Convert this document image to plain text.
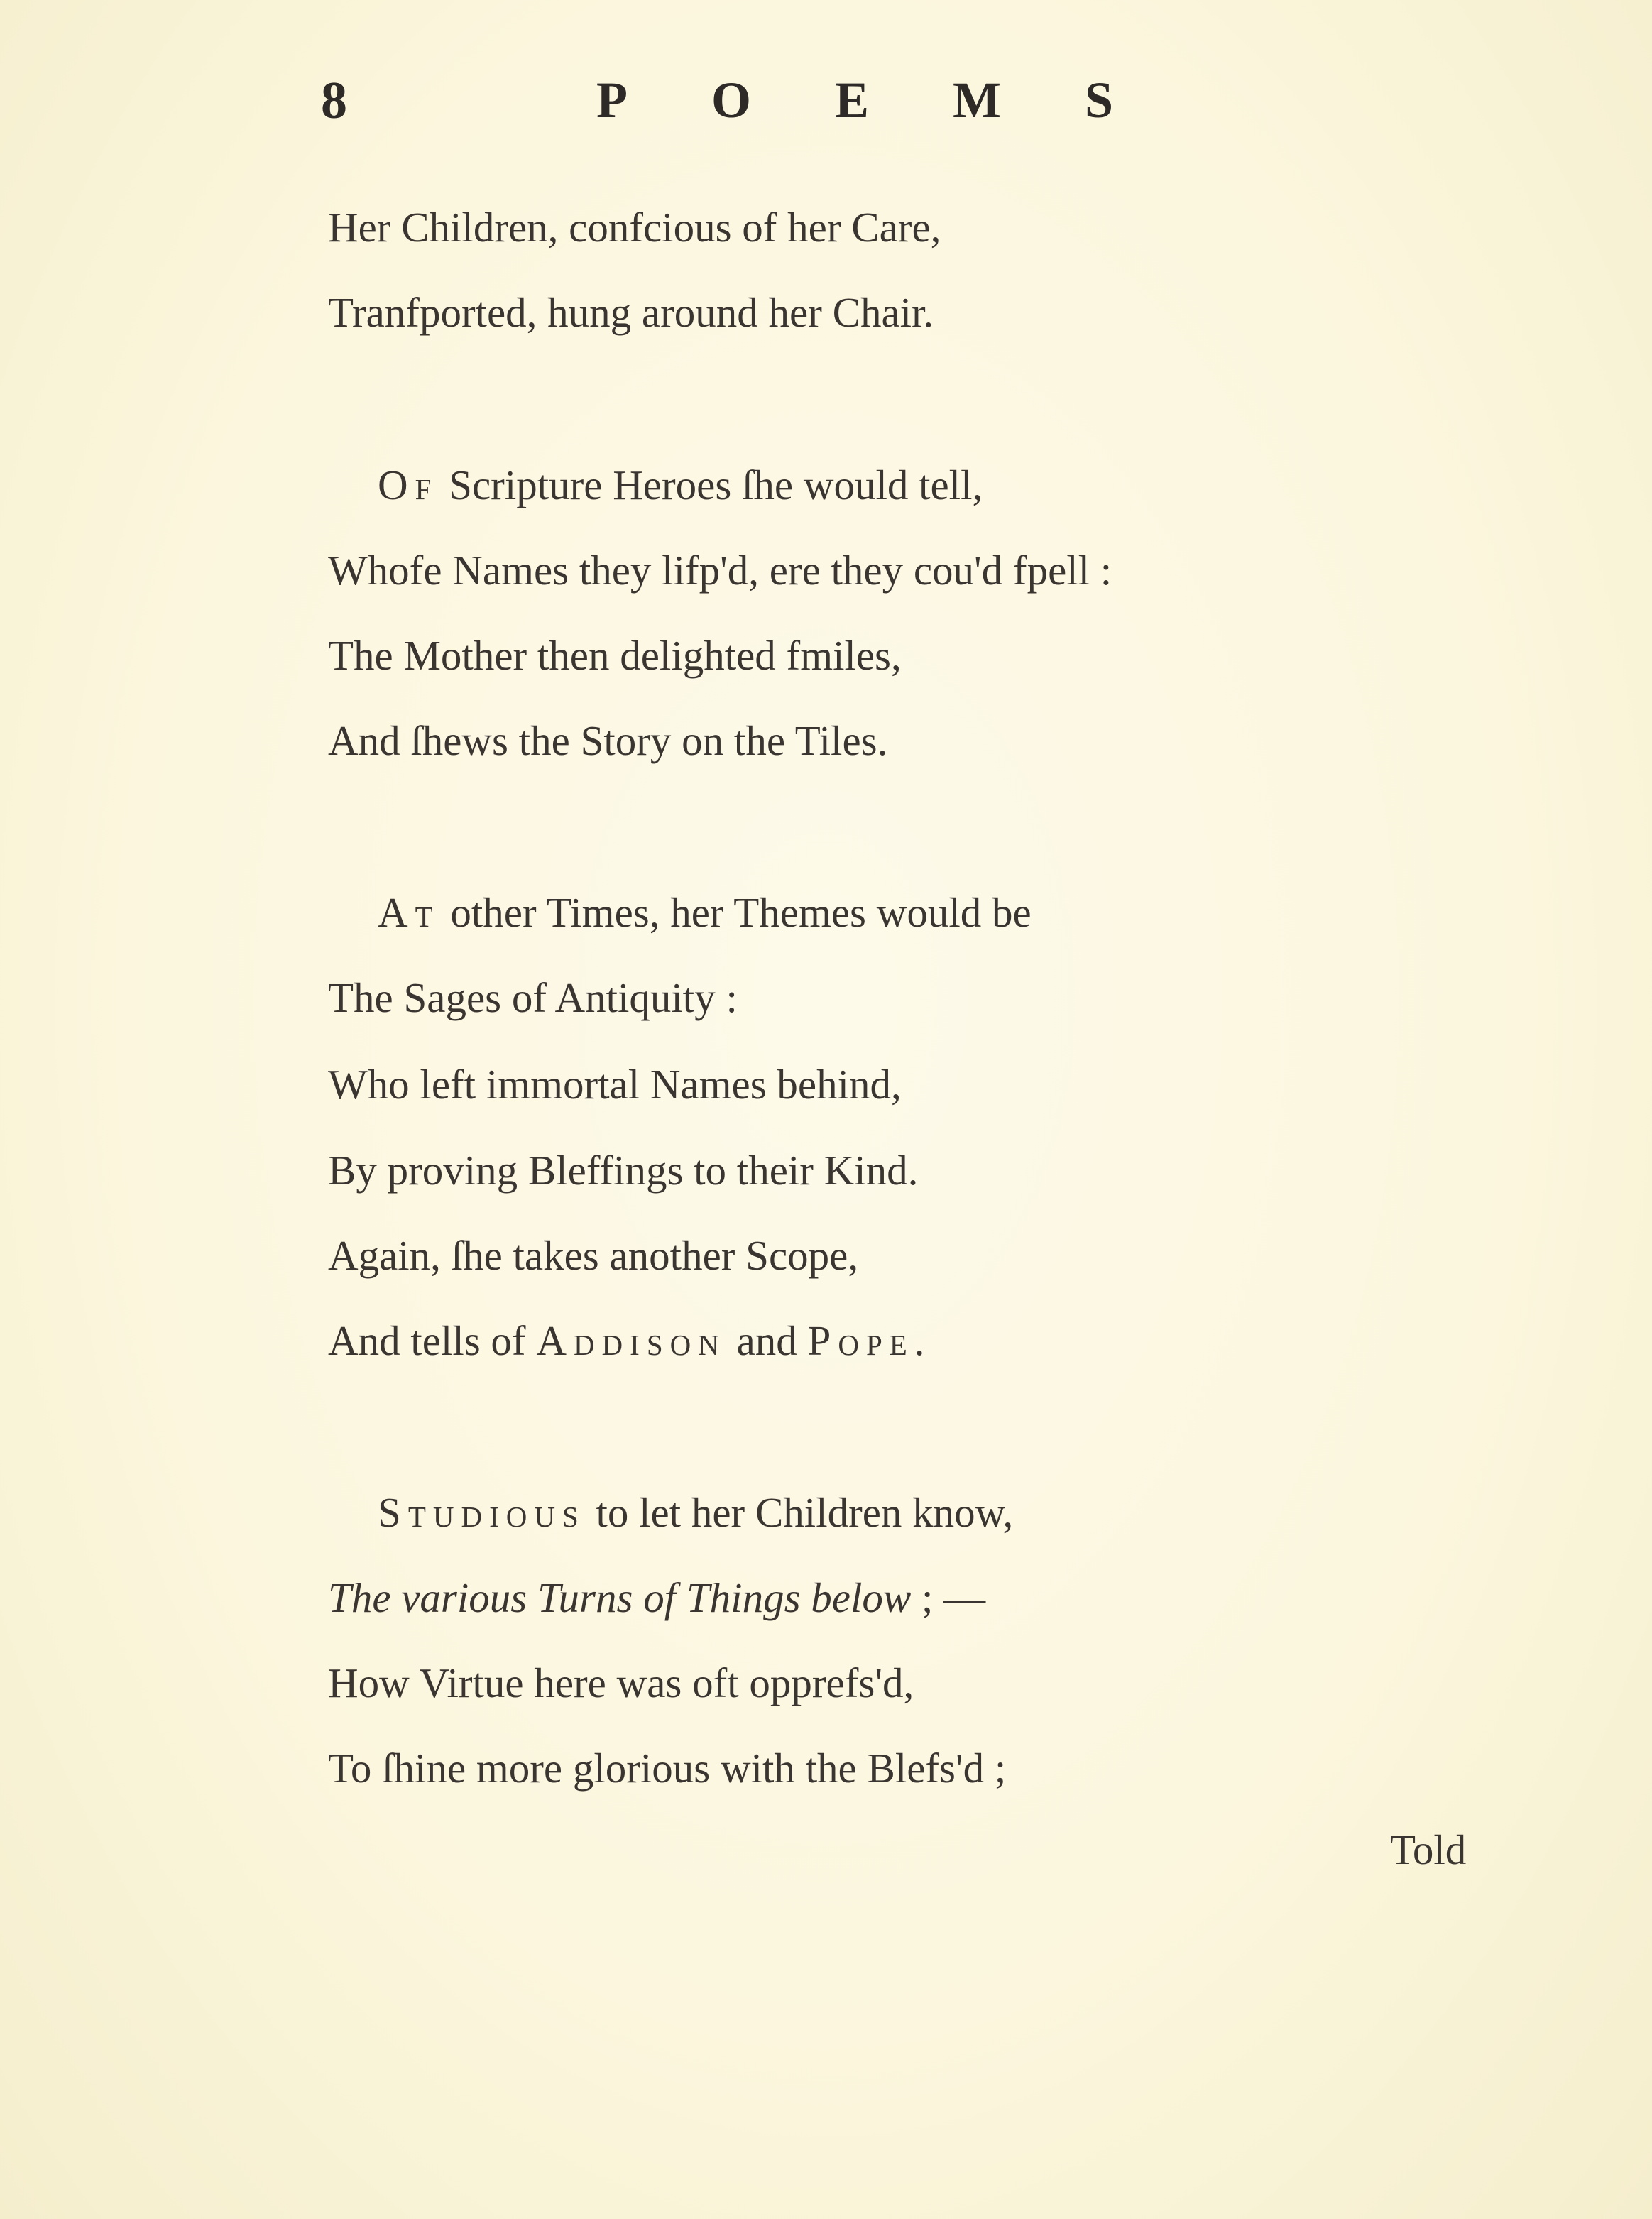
8	POEMS
Her Children, confcious of her Care,
Tranfported, hung around her Chair.
Of Scripture Heroes ſhe would tell,
Whofe Names they lifp'd, ere they cou'd fpell :
The Mother then delighted fmiles,
And ſhews the Story on the Tiles.
At other Times, her Themes would be
The Sages of Antiquity :
Who left immortal Names behind,
By proving Bleffings to their Kind.
Again, ſhe takes another Scope,
And tells of Addison and Pope.
Studious to let her Children know,
The various Turns of Things below ; —
How Virtue here was oft opprefs'd,
To ſhine more glorious with the Blefs'd ;
Told
